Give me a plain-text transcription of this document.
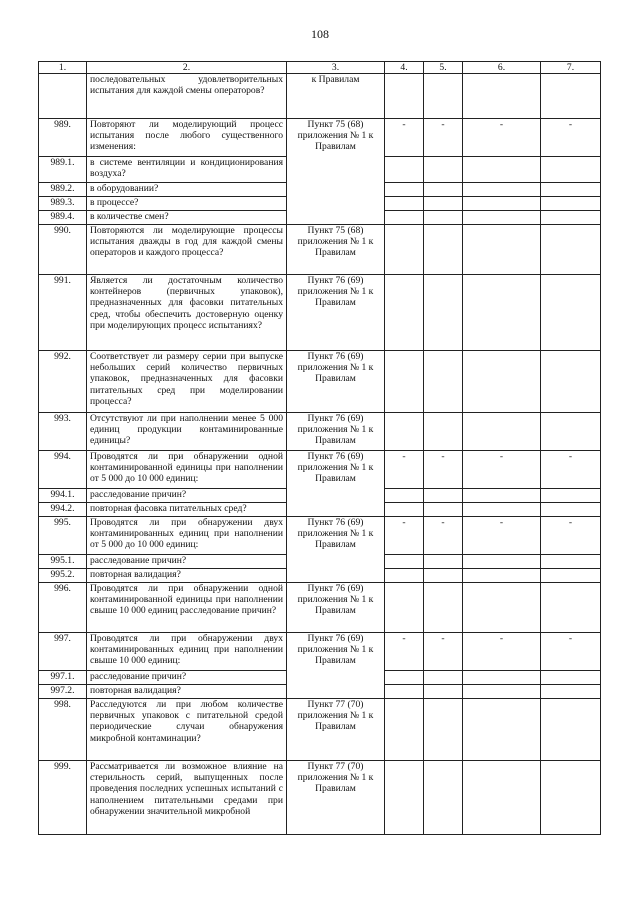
108
1.	2.	3.	4.	5.	6.	7.
	последовательных удовлетворительных испытания для каждой смены операторов?	к Правилам				
989.	Повторяют ли моделирующий процесс испытания после любого существенного изменения:	Пункт 75 (68) приложения № 1 к Правилам	-	-	-	-
989.1.	в системе вентиляции и кондиционирования воздуха?					
989.2.	в оборудовании?					
989.3.	в процессе?					
989.4.	в количестве смен?					
990.	Повторяются ли моделирующие процессы испытания дважды в год для каждой смены операторов и каждого процесса?	Пункт 75 (68) приложения № 1 к Правилам				
991.	Является ли достаточным количество контейнеров (первичных упаковок), предназначенных для фасовки питательных сред, чтобы обеспечить достоверную оценку при моделирующих процесс испытаниях?	Пункт 76 (69) приложения № 1 к Правилам				
992.	Соответствует ли размеру серии при выпуске небольших серий количество первичных упаковок, предназначенных для фасовки питательных сред при моделировании процесса?	Пункт 76 (69) приложения № 1 к Правилам				
993.	Отсутствуют ли при наполнении менее 5 000 единиц продукции контаминированные единицы?	Пункт 76 (69) приложения № 1 к Правилам				
994.	Проводятся ли при обнаружении одной контаминированной единицы при наполнении от 5 000 до 10 000 единиц:	Пункт 76 (69) приложения № 1 к Правилам	-	-	-	-
994.1.	расследование причин?					
994.2.	повторная фасовка питательных сред?					
995.	Проводятся ли при обнаружении двух контаминированных единиц при наполнении от 5 000 до 10 000 единиц:	Пункт 76 (69) приложения № 1 к Правилам	-	-	-	-
995.1.	расследование причин?					
995.2.	повторная валидация?					
996.	Проводятся ли при обнаружении одной контаминированной единицы при наполнении свыше 10 000 единиц расследование причин?	Пункт 76 (69) приложения № 1 к Правилам				
997.	Проводятся ли при обнаружении двух контаминированных единиц при наполнении свыше 10 000 единиц:	Пункт 76 (69) приложения № 1 к Правилам	-	-	-	-
997.1.	расследование причин?					
997.2.	повторная валидация?					
998.	Расследуются ли при любом количестве первичных упаковок с питательной средой периодические случаи обнаружения микробной контаминации?	Пункт 77 (70) приложения № 1 к Правилам				
999.	Рассматривается ли возможное влияние на стерильность серий, выпущенных после проведения последних успешных испытаний с наполнением питательными средами при обнаружении значительной микробной	Пункт 77 (70) приложения № 1 к Правилам				
